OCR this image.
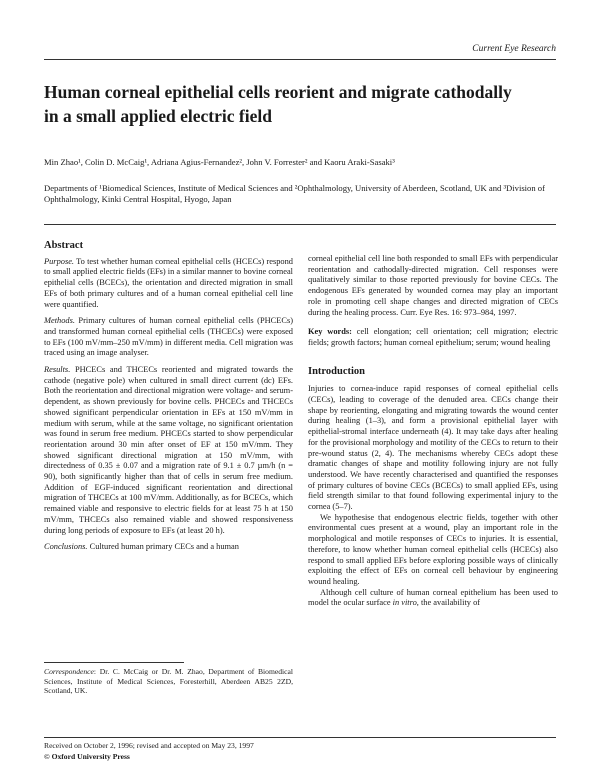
Current Eye Research
Human corneal epithelial cells reorient and migrate cathodally
in a small applied electric field
Min Zhao¹, Colin D. McCaig¹, Adriana Agius-Fernandez², John V. Forrester² and Kaoru Araki-Sasaki³
Departments of ¹Biomedical Sciences, Institute of Medical Sciences and ²Ophthalmology, University of Aberdeen, Scotland, UK and ³Division of Ophthalmology, Kinki Central Hospital, Hyogo, Japan
Abstract

Purpose. To test whether human corneal epithelial cells (HCECs) respond to small applied electric fields (EFs) in a similar manner to bovine corneal epithelial cells (BCECs), the orientation and directed migration in small EFs of both primary cultures and of a human corneal epithelial cell line were quantified.

Methods. Primary cultures of human corneal epithelial cells (PHCECs) and transformed human corneal epithelial cells (THCECs) were exposed to EFs (100 mV/mm–250 mV/mm) in different media. Cell migration was traced using an image analyser.

Results. PHCECs and THCECs reoriented and migrated towards the cathode (negative pole) when cultured in small direct current (dc) EFs. Both the reorientation and directional migration were voltage- and serum-dependent, as shown previously for bovine cells. PHCECs and THCECs showed significant perpendicular orientation in EFs at 150 mV/mm in medium with serum, while at the same voltage, no significant orientation was found in serum free medium. PHCECs started to show perpendicular reorientation around 30 min after onset of EF at 150 mV/mm. They showed significant directional migration at 150 mV/mm, with directedness of 0.35 ± 0.07 and a migration rate of 9.1 ± 0.7 µm/h (n = 90), both significantly higher than that of cells in serum free medium. Addition of EGF-induced significant reorientation and directional migration of THCECs at 100 mV/mm. Additionally, as for BCECs, which remained viable and responsive to electric fields for at least 75 h at 150 mV/mm, THCECs also remained viable and showed responsiveness during long periods of exposure to EFs (at least 20 h).

Conclusions. Cultured human primary CECs and a human

Correspondence: Dr. C. McCaig or Dr. M. Zhao, Department of Biomedical Sciences, Institute of Medical Sciences, Foresterhill, Aberdeen AB25 2ZD, Scotland, UK.

corneal epithelial cell line both responded to small EFs with perpendicular reorientation and cathodally-directed migration. Cell responses were qualitatively similar to those reported previously for bovine CECs. The endogenous EFs generated by wounded cornea may play an important role in promoting cell shape changes and directed migration of CECs during the healing process. Curr. Eye Res. 16: 973–984, 1997.

Key words: cell elongation; cell orientation; cell migration; electric fields; growth factors; human corneal epithelium; serum; wound healing

Introduction

Injuries to cornea-induce rapid responses of corneal epithelial cells (CECs), leading to coverage of the denuded area. CECs change their shape by reorienting, elongating and migrating towards the wound center during healing (1–3), and form a provisional epithelial layer with epithelial-stromal interface underneath (4). It may take days after healing for the provisional morphology and motility of the CECs to return to their pre-wound status (2, 4). The mechanisms whereby CECs adopt these dramatic changes of shape and motility following injury are not fully understood. We have recently characterised and quantified the responses of primary cultures of bovine CECs (BCECs) to small applied EFs, using field strength similar to that found following experimental injury to the cornea (5–7).

We hypothesise that endogenous electric fields, together with other environmental cues present at a wound, play an important role in the morphological and motile responses of CECs to injuries. It is essential, therefore, to know whether human corneal epithelial cells (HCECs) also respond to small applied EFs before exploring possible ways of clinically exploiting the effect of EFs on corneal cell behaviour by engineering wound healing.

Although cell culture of human corneal epithelium has been used to model the ocular surface in vitro, the availability of

Received on October 2, 1996; revised and accepted on May 23, 1997
© Oxford University Press
